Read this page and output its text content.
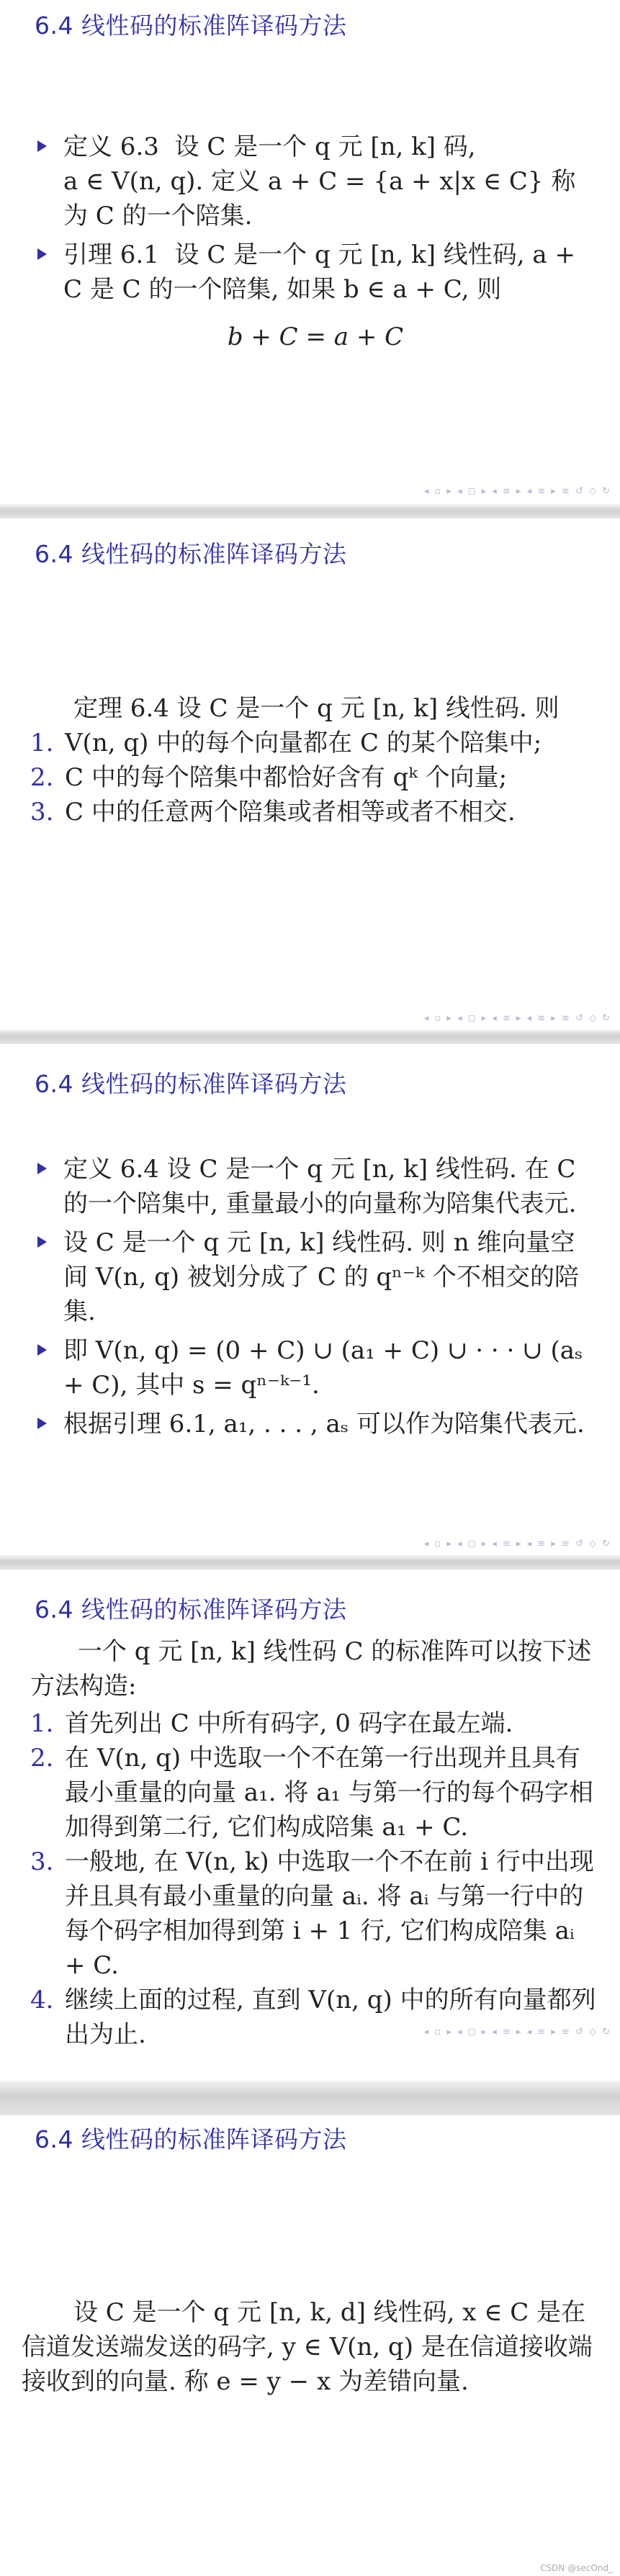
6.4 线性码的标准阵译码方法
定义 6.3 设 C 是一个 q 元 [n, k] 码,
a ∈ V(n, q). 定义 a + C = {a + x|x ∈ C} 称为 C 的一个陪集.
引理 6.1 设 C 是一个 q 元 [n, k] 线性码, a + C 是 C 的一个陪集, 如果 b ∈ a + C, 则
b + C = a + C
◂ ▫ ▸ ◂ ◻ ▸ ◂ ≡ ▸ ◂ ≡ ▸ ≡ ↺ ◇ ↻
6.4 线性码的标准阵译码方法
定理 6.4 设 C 是一个 q 元 [n, k] 线性码. 则
1. V(n, q) 中的每个向量都在 C 的某个陪集中;
2. C 中的每个陪集中都恰好含有 qᵏ 个向量;
3. C 中的任意两个陪集或者相等或者不相交.
◂ ▫ ▸ ◂ ◻ ▸ ◂ ≡ ▸ ◂ ≡ ▸ ≡ ↺ ◇ ↻
6.4 线性码的标准阵译码方法
定义 6.4 设 C 是一个 q 元 [n, k] 线性码. 在 C 的一个陪集中, 重量最小的向量称为陪集代表元.
设 C 是一个 q 元 [n, k] 线性码. 则 n 维向量空间 V(n, q) 被划分成了 C 的 qⁿ⁻ᵏ 个不相交的陪集.
即 V(n, q) = (0 + C) ∪ (a₁ + C) ∪ · · · ∪ (aₛ + C), 其中 s = qⁿ⁻ᵏ⁻¹.
根据引理 6.1, a₁, . . . , aₛ 可以作为陪集代表元.
◂ ▫ ▸ ◂ ◻ ▸ ◂ ≡ ▸ ◂ ≡ ▸ ≡ ↺ ◇ ↻
6.4 线性码的标准阵译码方法
一个 q 元 [n, k] 线性码 C 的标准阵可以按下述方法构造:
1. 首先列出 C 中所有码字, 0 码字在最左端.
2. 在 V(n, q) 中选取一个不在第一行出现并且具有最小重量的向量 a₁. 将 a₁ 与第一行的每个码字相加得到第二行, 它们构成陪集 a₁ + C.
3. 一般地, 在 V(n, k) 中选取一个不在前 i 行中出现并且具有最小重量的向量 aᵢ. 将 aᵢ 与第一行中的每个码字相加得到第 i + 1 行, 它们构成陪集 aᵢ + C.
4. 继续上面的过程, 直到 V(n, q) 中的所有向量都列出为止.	◂ ▫ ▸ ◂ ◻ ▸ ◂ ≡ ▸ ◂ ≡ ▸ ≡ ↺ ◇ ↻
6.4 线性码的标准阵译码方法
设 C 是一个 q 元 [n, k, d] 线性码, x ∈ C 是在信道发送端发送的码字, y ∈ V(n, q) 是在信道接收端接收到的向量. 称 e = y − x 为差错向量.
CSDN @secOnd_
